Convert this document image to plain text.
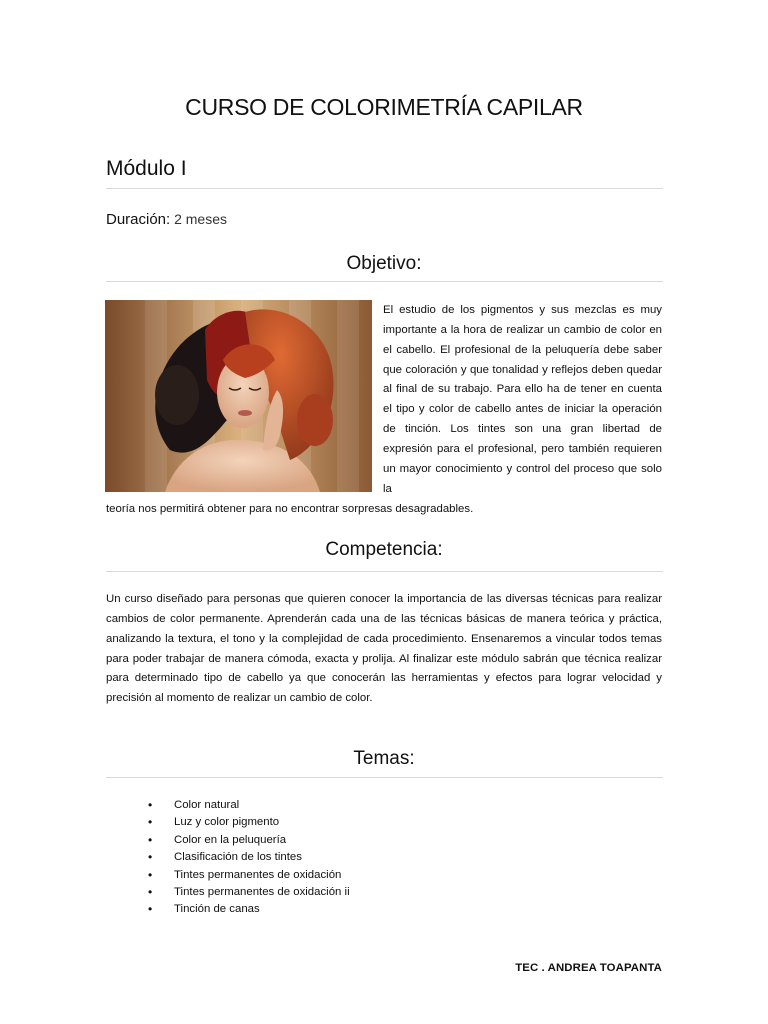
CURSO DE COLORIMETRÍA CAPILAR
Módulo I
Duración: 2 meses
Objetivo:

El estudio de los pigmentos y sus mezclas es muy importante a la hora de realizar un cambio de color en el cabello. El profesional de la peluquería debe saber que coloración y que tonalidad y reflejos deben quedar al final de su trabajo. Para ello ha de tener en cuenta el tipo y color de cabello antes de iniciar la operación de tinción. Los tintes son una gran libertad de expresión para el profesional, pero también requieren un mayor conocimiento y control del proceso que solo la

teoría nos permitirá obtener para no encontrar sorpresas desagradables.

Competencia:

Un curso diseñado para personas que quieren conocer la importancia de las diversas técnicas para realizar cambios de color permanente. Aprenderán cada una de las técnicas básicas de manera teórica y práctica, analizando la textura, el tono y la complejidad de cada procedimiento. Ensenaremos a vincular todos temas para poder trabajar de manera cómoda, exacta y prolija. Al finalizar este módulo sabrán que técnica realizar para determinado tipo de cabello ya que conocerán las herramientas y efectos para lograr velocidad y precisión al momento de realizar un cambio de color.

Temas:
• Color natural
• Luz y color pigmento
• Color en la peluquería
• Clasificación de los tintes
• Tintes permanentes de oxidación
• Tintes permanentes de oxidación ii
• Tinción de canas
TEC . ANDREA TOAPANTA
